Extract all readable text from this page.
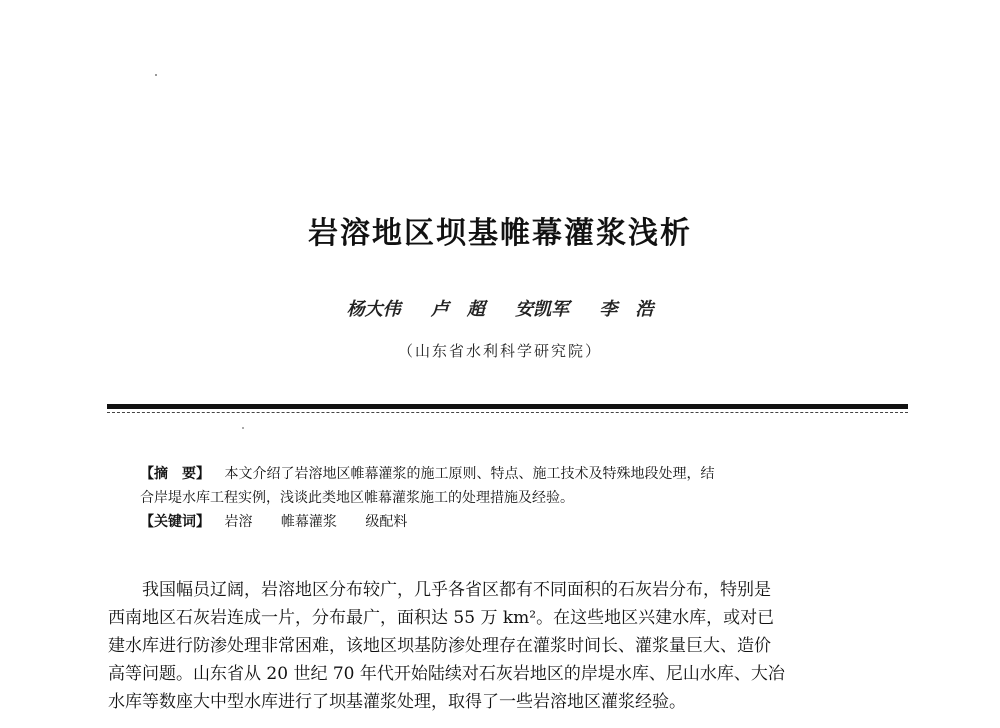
岩溶地区坝基帷幕灌浆浅析
杨大伟 卢　超 安凯军 李　浩
（山东省水利科学研究院）
【摘　要】 本文介绍了岩溶地区帷幕灌浆的施工原则、特点、施工技术及特殊地段处理，结
合岸堤水库工程实例，浅谈此类地区帷幕灌浆施工的处理措施及经验。
【关键词】 岩溶 帷幕灌浆 级配料
　　我国幅员辽阔，岩溶地区分布较广，几乎各省区都有不同面积的石灰岩分布，特别是
西南地区石灰岩连成一片，分布最广，面积达 55 万 km²。在这些地区兴建水库，或对已
建水库进行防渗处理非常困难，该地区坝基防渗处理存在灌浆时间长、灌浆量巨大、造价
高等问题。山东省从 20 世纪 70 年代开始陆续对石灰岩地区的岸堤水库、尼山水库、大冶
水库等数座大中型水库进行了坝基灌浆处理，取得了一些岩溶地区灌浆经验。
